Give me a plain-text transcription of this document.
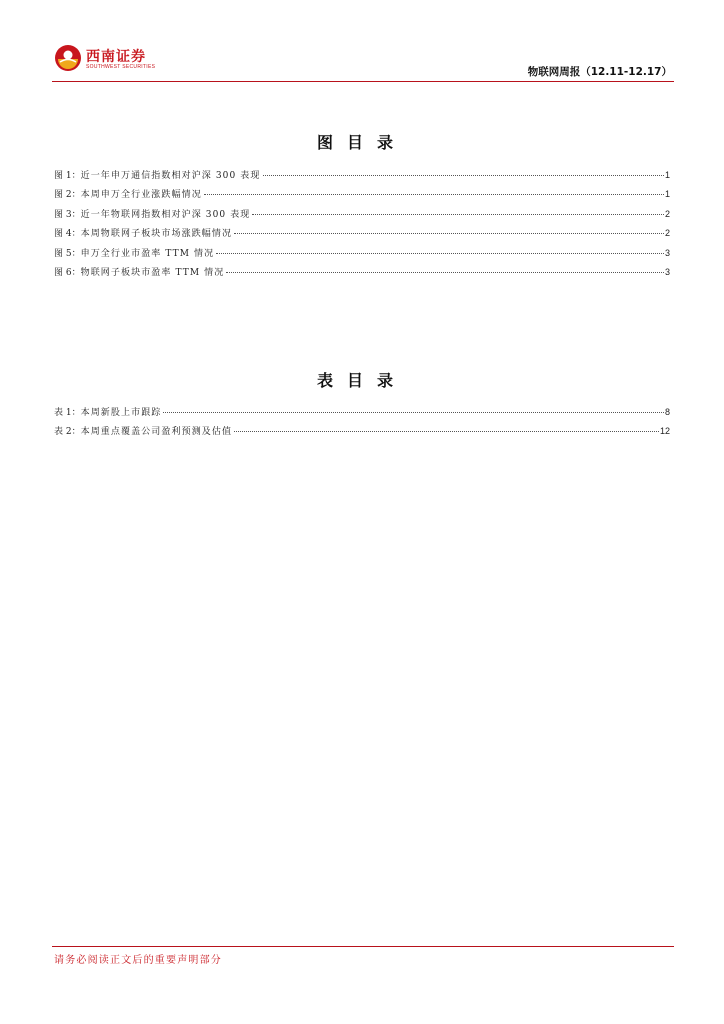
西南证券
SOUTHWEST SECURITIES	物联网周报（12.11-12.17）
图目录
图 1： 近一年申万通信指数相对沪深 300 表现	1
图 2： 本周申万全行业涨跌幅情况	1
图 3： 近一年物联网指数相对沪深 300 表现	2
图 4： 本周物联网子板块市场涨跌幅情况	2
图 5： 申万全行业市盈率 TTM 情况	3
图 6： 物联网子板块市盈率 TTM 情况	3
表目录
表 1： 本周新股上市跟踪	8
表 2： 本周重点覆盖公司盈利预测及估值	12
请务必阅读正文后的重要声明部分
